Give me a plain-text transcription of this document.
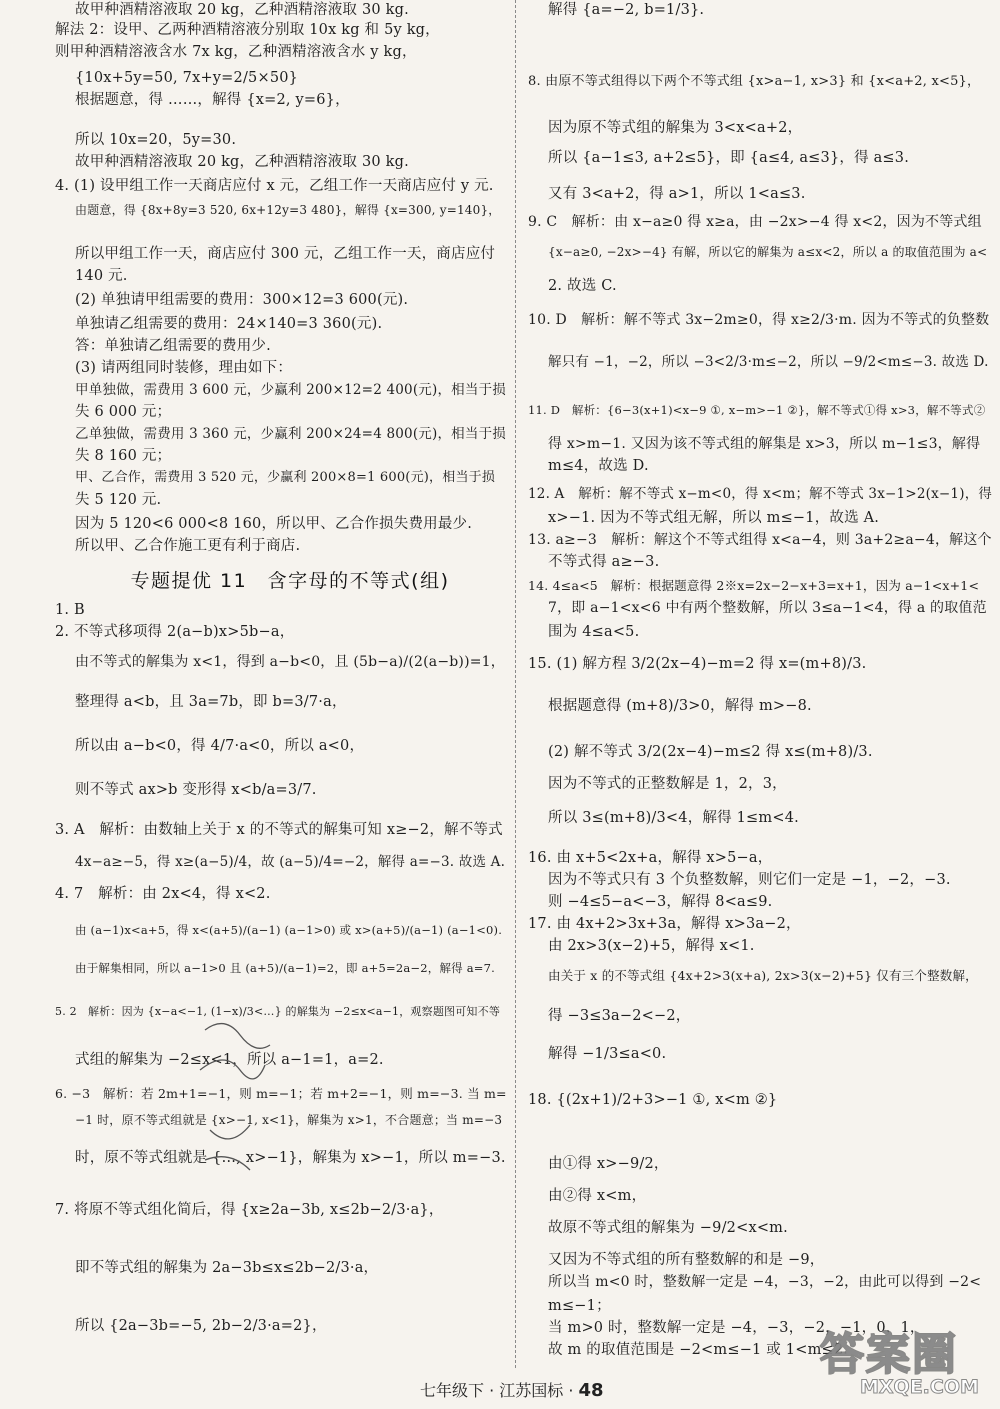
故甲种酒精溶液取 20 kg，乙种酒精溶液取 30 kg.
解法 2：设甲、乙两种酒精溶液分别取 10x kg 和 5y kg，
则甲种酒精溶液含水 7x kg，乙种酒精溶液含水 y kg，
{10x+5y=50, 7x+y=2/5×50}
根据题意，得 ……，解得 {x=2, y=6}，
所以 10x=20，5y=30.
故甲种酒精溶液取 20 kg，乙种酒精溶液取 30 kg.
4. (1) 设甲组工作一天商店应付 x 元，乙组工作一天商店应付 y 元.
由题意，得 {8x+8y=3 520, 6x+12y=3 480}，解得 {x=300, y=140}，
所以甲组工作一天，商店应付 300 元，乙组工作一天，商店应付
140 元.
(2) 单独请甲组需要的费用：300×12=3 600(元).
单独请乙组需要的费用：24×140=3 360(元).
答：单独请乙组需要的费用少.
(3) 请两组同时装修，理由如下：
甲单独做，需费用 3 600 元，少赢利 200×12=2 400(元)，相当于损
失 6 000 元；
乙单独做，需费用 3 360 元，少赢利 200×24=4 800(元)，相当于损
失 8 160 元；
甲、乙合作，需费用 3 520 元，少赢利 200×8=1 600(元)，相当于损
失 5 120 元.
因为 5 120<6 000<8 160，所以甲、乙合作损失费用最少.
所以甲、乙合作施工更有利于商店.
专题提优 11　含字母的不等式(组)
1. B
2. 不等式移项得 2(a−b)x>5b−a，
由不等式的解集为 x<1，得到 a−b<0，且 (5b−a)/(2(a−b))=1，
整理得 a<b，且 3a=7b，即 b=3/7·a，
所以由 a−b<0，得 4/7·a<0，所以 a<0，
则不等式 ax>b 变形得 x<b/a=3/7.
3. A　解析：由数轴上关于 x 的不等式的解集可知 x≥−2，解不等式
4x−a≥−5，得 x≥(a−5)/4，故 (a−5)/4=−2，解得 a=−3. 故选 A.
4. 7　解析：由 2x<4，得 x<2.
由 (a−1)x<a+5，得 x<(a+5)/(a−1) (a−1>0) 或 x>(a+5)/(a−1) (a−1<0).
由于解集相同，所以 a−1>0 且 (a+5)/(a−1)=2，即 a+5=2a−2，解得 a=7.
5. 2　解析：因为 {x−a<−1, (1−x)/3<…} 的解集为 −2≤x<a−1，观察题图可知不等
式组的解集为 −2≤x<1，所以 a−1=1，a=2.
6. −3　解析：若 2m+1=−1，则 m=−1；若 m+2=−1，则 m=−3. 当 m=
−1 时，原不等式组就是 {x>−1, x<1}，解集为 x>1，不合题意；当 m=−3
时，原不等式组就是 {…, x>−1}，解集为 x>−1，所以 m=−3.
7. 将原不等式组化简后，得 {x≥2a−3b, x≤2b−2/3·a}，
即不等式组的解集为 2a−3b≤x≤2b−2/3·a，
所以 {2a−3b=−5, 2b−2/3·a=2}，
解得 {a=−2, b=1/3}.
8. 由原不等式组得以下两个不等式组 {x>a−1, x>3} 和 {x<a+2, x<5}，
因为原不等式组的解集为 3<x<a+2，
所以 {a−1≤3, a+2≤5}，即 {a≤4, a≤3}，得 a≤3.
又有 3<a+2，得 a>1，所以 1<a≤3.
9. C　解析：由 x−a≥0 得 x≥a，由 −2x>−4 得 x<2，因为不等式组
{x−a≥0, −2x>−4} 有解，所以它的解集为 a≤x<2，所以 a 的取值范围为 a<
2. 故选 C.
10. D　解析：解不等式 3x−2m≥0，得 x≥2/3·m. 因为不等式的负整数
解只有 −1，−2，所以 −3<2/3·m≤−2，所以 −9/2<m≤−3. 故选 D.
11. D　解析：{6−3(x+1)<x−9 ①, x−m>−1 ②}，解不等式①得 x>3，解不等式②
得 x>m−1. 又因为该不等式组的解集是 x>3，所以 m−1≤3，解得
m≤4，故选 D.
12. A　解析：解不等式 x−m<0，得 x<m；解不等式 3x−1>2(x−1)，得
x>−1. 因为不等式组无解，所以 m≤−1，故选 A.
13. a≥−3　解析：解这个不等式组得 x<a−4，则 3a+2≥a−4，解这个
不等式得 a≥−3.
14. 4≤a<5　解析：根据题意得 2※x=2x−2−x+3=x+1，因为 a−1<x+1<
7，即 a−1<x<6 中有两个整数解，所以 3≤a−1<4，得 a 的取值范
围为 4≤a<5.
15. (1) 解方程 3/2(2x−4)−m=2 得 x=(m+8)/3.
根据题意得 (m+8)/3>0，解得 m>−8.
(2) 解不等式 3/2(2x−4)−m≤2 得 x≤(m+8)/3.
因为不等式的正整数解是 1，2，3，
所以 3≤(m+8)/3<4，解得 1≤m<4.
16. 由 x+5<2x+a，解得 x>5−a，
因为不等式只有 3 个负整数解，则它们一定是 −1，−2，−3.
则 −4≤5−a<−3，解得 8<a≤9.
17. 由 4x+2>3x+3a，解得 x>3a−2，
由 2x>3(x−2)+5，解得 x<1.
由关于 x 的不等式组 {4x+2>3(x+a), 2x>3(x−2)+5} 仅有三个整数解，
得 −3≤3a−2<−2，
解得 −1/3≤a<0.
18. {(2x+1)/2+3>−1 ①, x<m ②}
由①得 x>−9/2，
由②得 x<m，
故原不等式组的解集为 −9/2<x<m.
又因为不等式组的所有整数解的和是 −9，
所以当 m<0 时，整数解一定是 −4，−3，−2，由此可以得到 −2<
m≤−1；
当 m>0 时，整数解一定是 −4，−3，−2，−1，0，1，
故 m 的取值范围是 −2<m≤−1 或 1<m≤2.
七年级下 · 江苏国标 · 48
答案圈
MXQE.COM
